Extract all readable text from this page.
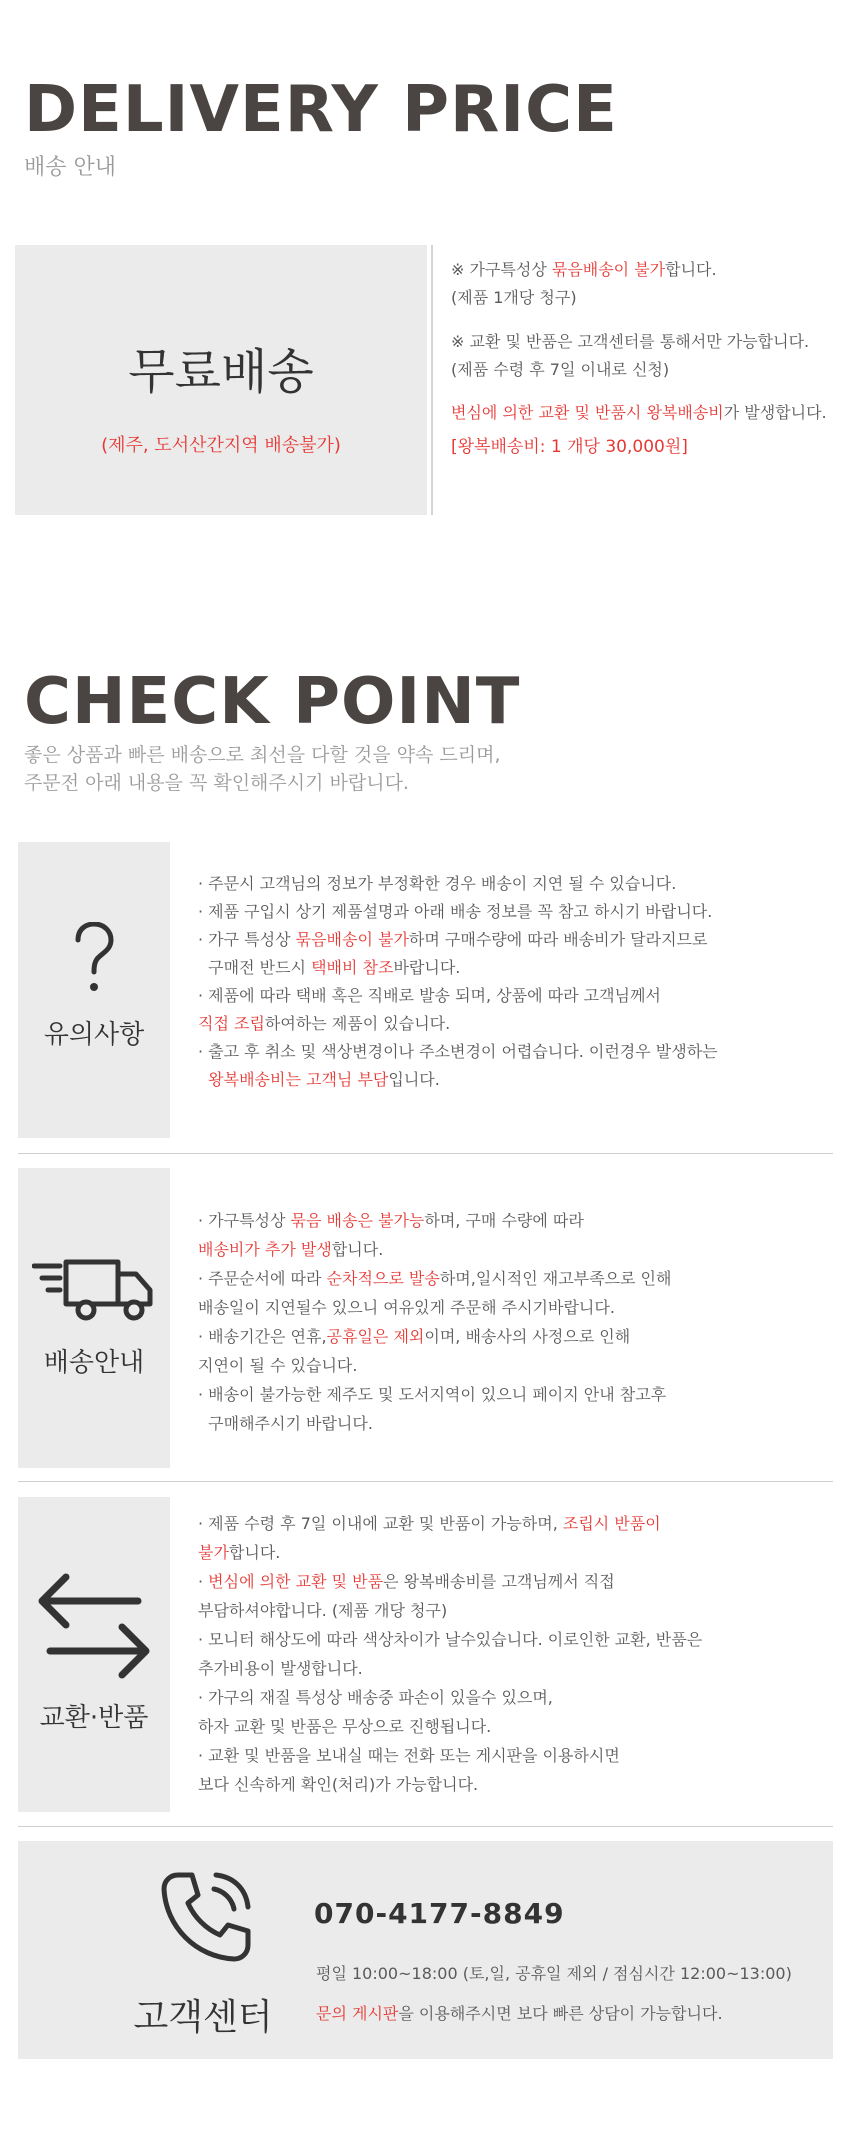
DELIVERY PRICE
배송 안내
무료배송
(제주, 도서산간지역 배송불가)
※ 가구특성상 묶음배송이 불가합니다.
(제품 1개당 청구)
※ 교환 및 반품은 고객센터를 통해서만 가능합니다.
(제품 수령 후 7일 이내로 신청)
변심에 의한 교환 및 반품시 왕복배송비가 발생합니다.
[왕복배송비: 1 개당 30,000원]
CHECK POINT
좋은 상품과 빠른 배송으로 최선을 다할 것을 약속 드리며,
주문전 아래 내용을 꼭 확인해주시기 바랍니다.
유의사항
· 주문시 고객님의 정보가 부정확한 경우 배송이 지연 될 수 있습니다.
· 제품 구입시 상기 제품설명과 아래 배송 정보를 꼭 참고 하시기 바랍니다.
· 가구 특성상 묶음배송이 불가하며 구매수량에 따라 배송비가 달라지므로
구매전 반드시 택배비 참조바랍니다.
· 제품에 따라 택배 혹은 직배로 발송 되며, 상품에 따라 고객님께서
직접 조립하여하는 제품이 있습니다.
· 출고 후 취소 및 색상변경이나 주소변경이 어렵습니다. 이런경우 발생하는
왕복배송비는 고객님 부담입니다.
배송안내
· 가구특성상 묶음 배송은 불가능하며, 구매 수량에 따라
배송비가 추가 발생합니다.
· 주문순서에 따라 순차적으로 발송하며,일시적인 재고부족으로 인해
배송일이 지연될수 있으니 여유있게 주문해 주시기바랍니다.
· 배송기간은 연휴,공휴일은 제외이며, 배송사의 사정으로 인해
지연이 될 수 있습니다.
· 배송이 불가능한 제주도 및 도서지역이 있으니 페이지 안내 참고후
구매해주시기 바랍니다.
교환·반품
· 제품 수령 후 7일 이내에 교환 및 반품이 가능하며, 조립시 반품이
불가합니다.
· 변심에 의한 교환 및 반품은 왕복배송비를 고객님께서 직접
부담하셔야합니다. (제품 개당 청구)
· 모니터 해상도에 따라 색상차이가 날수있습니다. 이로인한 교환, 반품은
추가비용이 발생합니다.
· 가구의 재질 특성상 배송중 파손이 있을수 있으며,
하자 교환 및 반품은 무상으로 진행됩니다.
· 교환 및 반품을 보내실 때는 전화 또는 게시판을 이용하시면
보다 신속하게 확인(처리)가 가능합니다.
고객센터
070-4177-8849
평일 10:00~18:00 (토,일, 공휴일 제외 / 점심시간 12:00~13:00)
문의 게시판을 이용해주시면 보다 빠른 상담이 가능합니다.
